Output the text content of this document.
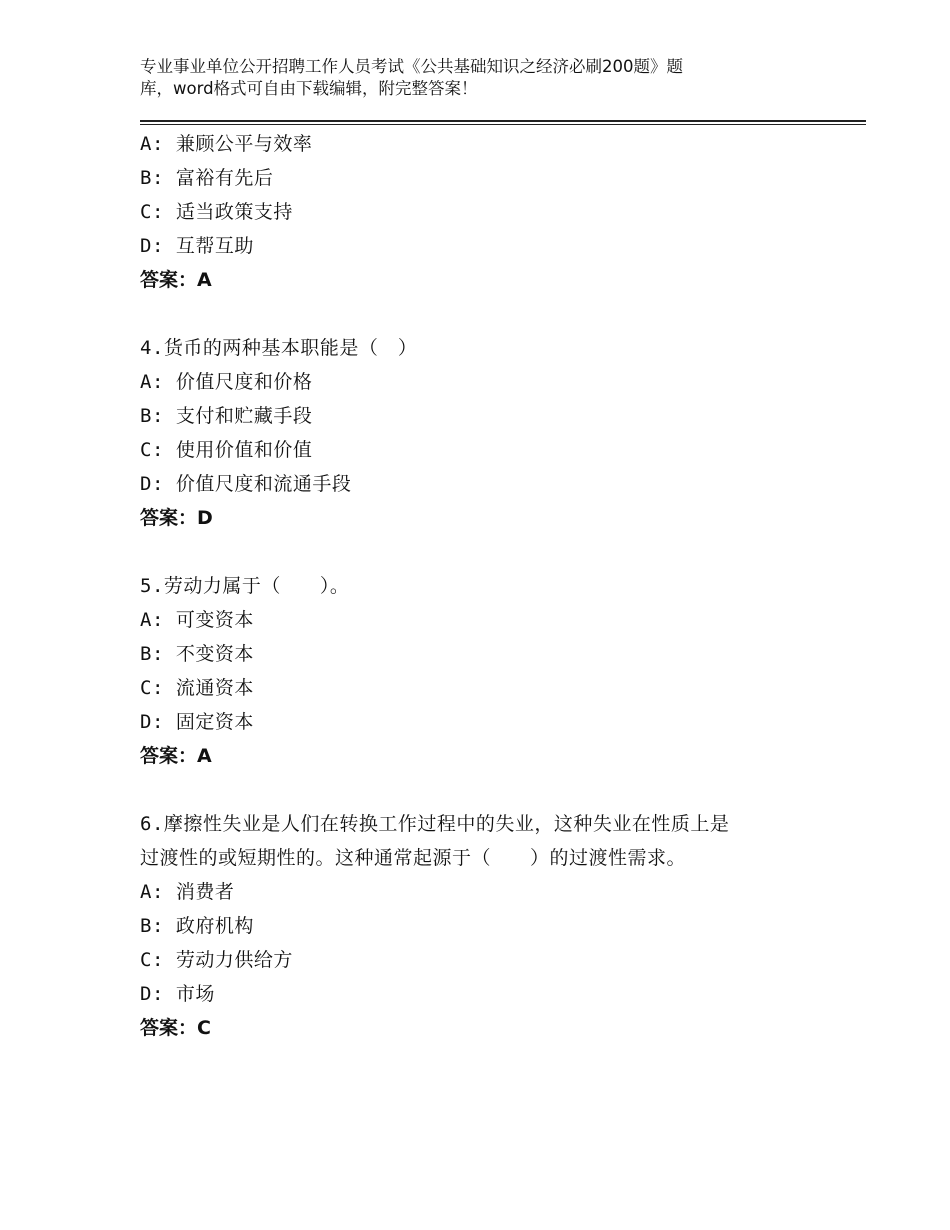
专业事业单位公开招聘工作人员考试《公共基础知识之经济必刷200题》题
库，word格式可自由下载编辑，附完整答案！
A: 兼顾公平与效率
B: 富裕有先后
C: 适当政策支持
D: 互帮互助
答案：A
4.货币的两种基本职能是（　）
A: 价值尺度和价格
B: 支付和贮藏手段
C: 使用价值和价值
D: 价值尺度和流通手段
答案：D
5.劳动力属于（　　）。
A: 可变资本
B: 不变资本
C: 流通资本
D: 固定资本
答案：A
6.摩擦性失业是人们在转换工作过程中的失业，这种失业在性质上是
过渡性的或短期性的。这种通常起源于（　　）的过渡性需求。
A: 消费者
B: 政府机构
C: 劳动力供给方
D: 市场
答案：C
